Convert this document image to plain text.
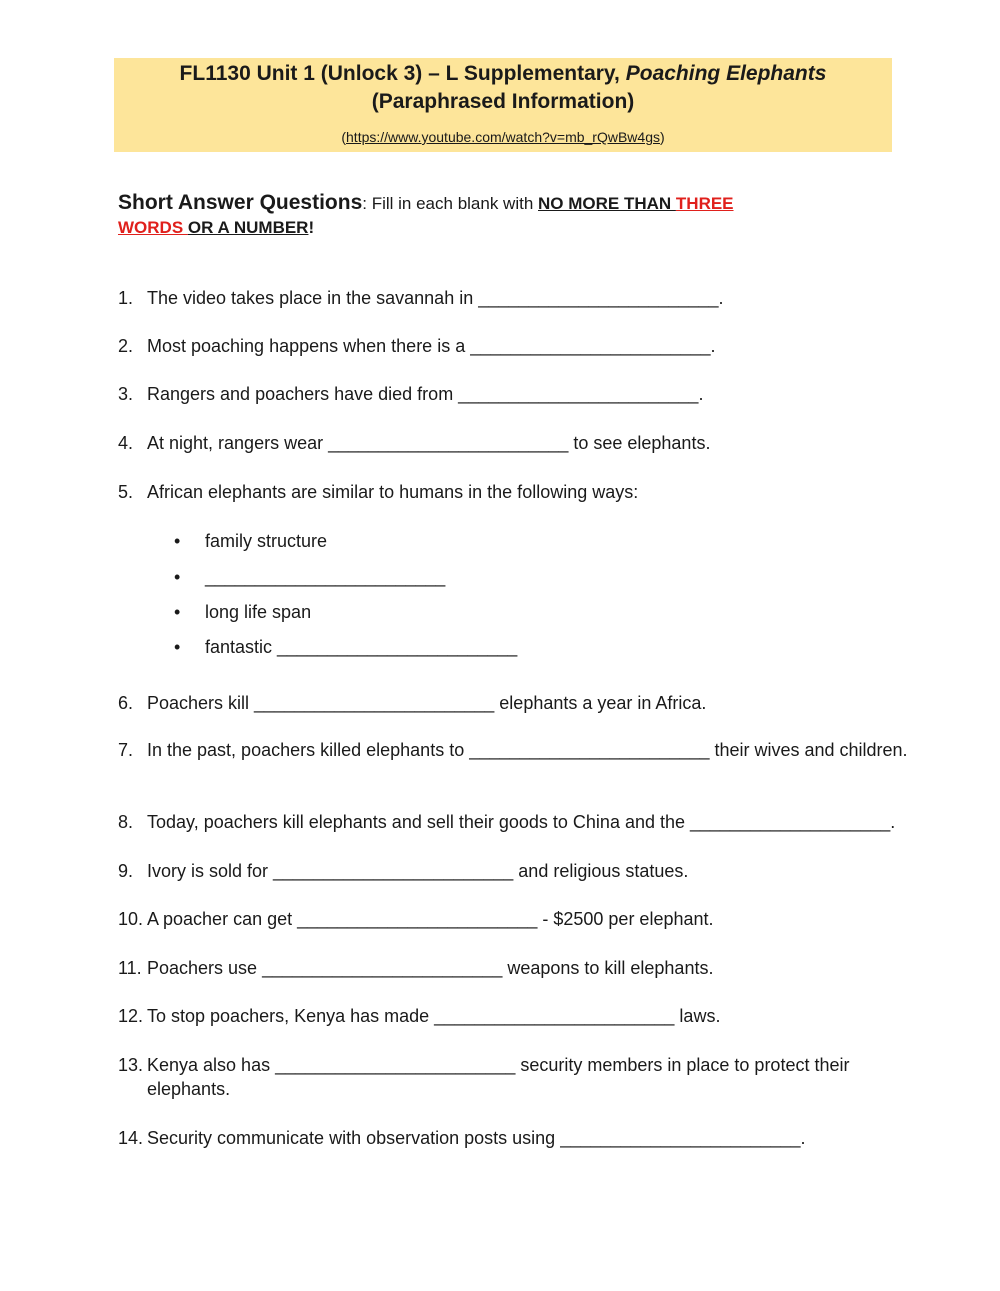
FL1130 Unit 1 (Unlock 3) – L Supplementary, Poaching Elephants
(Paraphrased Information)
(https://www.youtube.com/watch?v=mb_rQwBw4gs)
Short Answer Questions: Fill in each blank with NO MORE THAN THREE
WORDS OR A NUMBER!
1. The video takes place in the savannah in ________________________.
2. Most poaching happens when there is a ________________________.
3. Rangers and poachers have died from ________________________.
4. At night, rangers wear ________________________ to see elephants.
5. African elephants are similar to humans in the following ways:
• family structure
• ________________________
• long life span
• fantastic ________________________
6. Poachers kill ________________________ elephants a year in Africa.
7. In the past, poachers killed elephants to ________________________ their wives and children.
8. Today, poachers kill elephants and sell their goods to China and the ____________________.
9. Ivory is sold for ________________________ and religious statues.
10. A poacher can get ________________________ - $2500 per elephant.
11. Poachers use ________________________ weapons to kill elephants.
12. To stop poachers, Kenya has made ________________________ laws.
13. Kenya also has ________________________ security members in place to protect their elephants.
14. Security communicate with observation posts using ________________________.
